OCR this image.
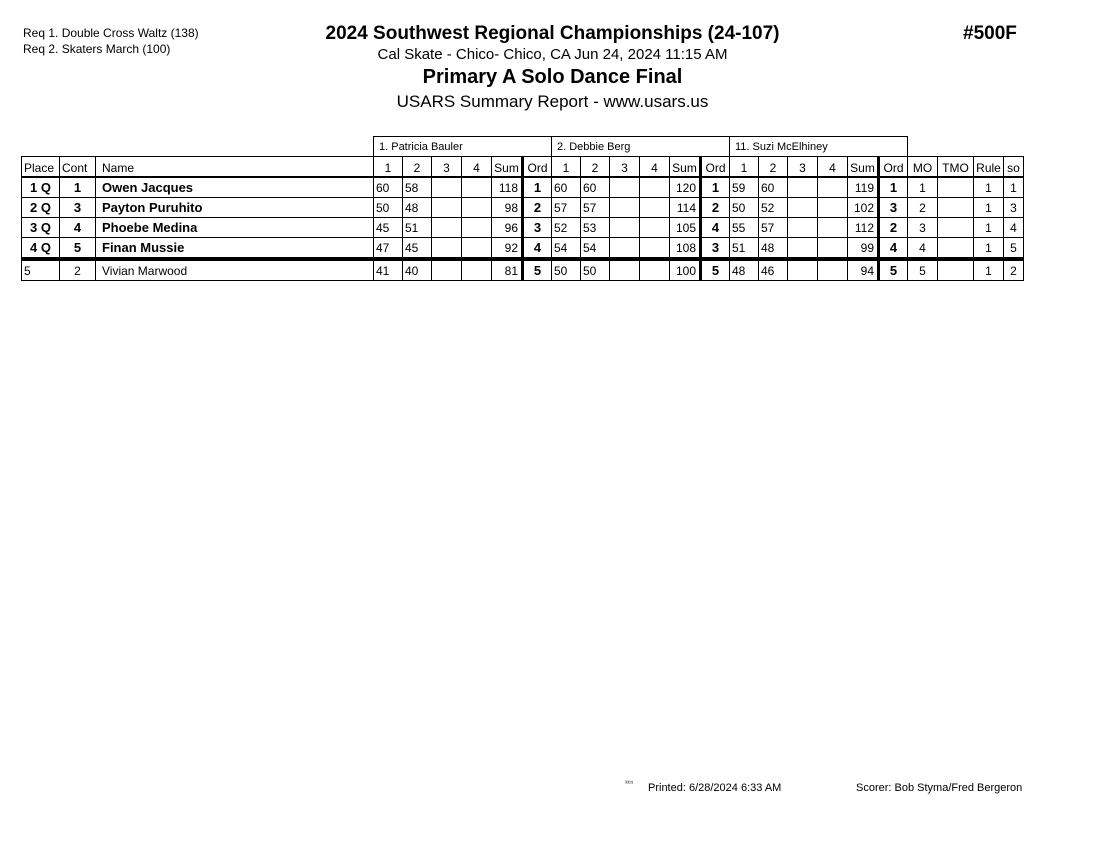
Req 1. Double Cross Waltz (138)
Req 2. Skaters March (100)
2024 Southwest Regional Championships (24-107)
Cal Skate - Chico- Chico, CA Jun 24, 2024 11:15 AM
Primary A Solo Dance Final
USARS Summary Report - www.usars.us
#500F
			1. Patricia Bauler						2. Debbie Berg						11. Suzi McElhiney									
Place	Cont	Name	1	2	3	4	Sum	Ord	1	2	3	4	Sum	Ord	1	2	3	4	Sum	Ord	MO	TMO	Rule	so
1 Q	1	Owen Jacques	60	58			118	1	60	60			120	1	59	60			119	1	1		1	1
2 Q	3	Payton Puruhito	50	48			98	2	57	57			114	2	50	52			102	3	2		1	3
3 Q	4	Phoebe Medina	45	51			96	3	52	53			105	4	55	57			112	2	3		1	4
4 Q	5	Finan Mussie	47	45			92	4	54	54			108	3	51	48			99	4	4		1	5
5	2	Vivian Marwood	41	40			81	5	50	50			100	5	48	46			94	5	5		1	2
³³¹⁵ Printed: 6/28/2024 6:33 AM	Scorer: Bob Styma/Fred Bergeron
